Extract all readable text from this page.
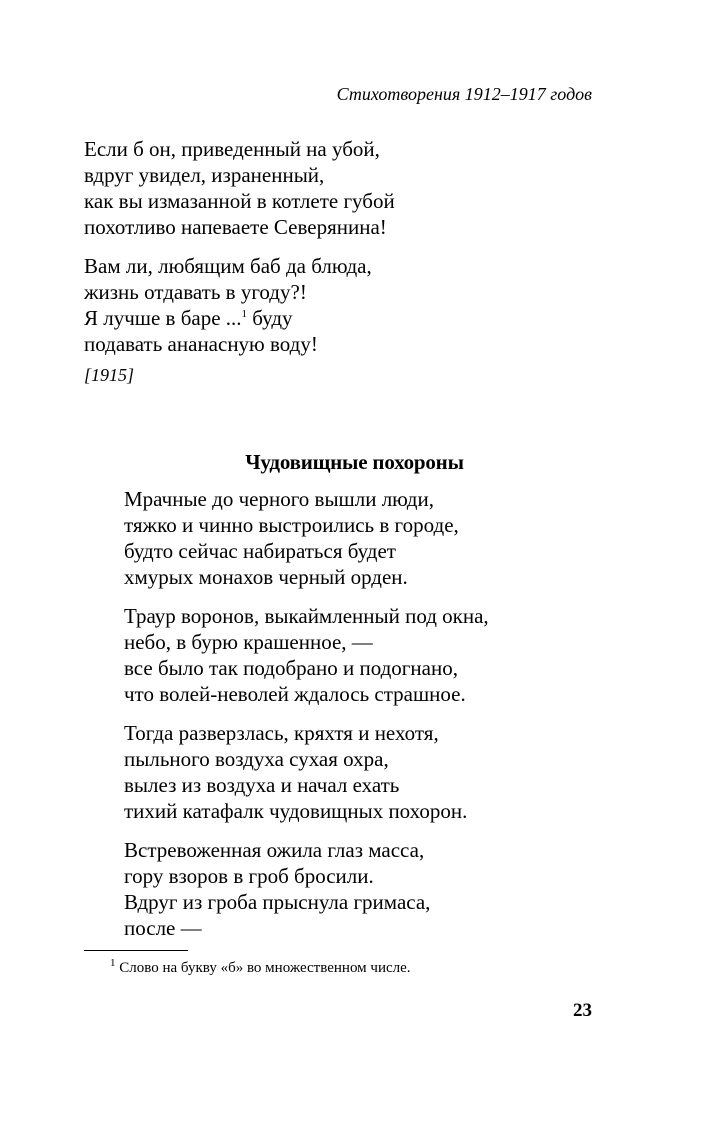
Стихотворения 1912–1917 годов
Если б он, приведенный на убой,
вдруг увидел, израненный,
как вы измазанной в котлете губой
похотливо напеваете Северянина!
Вам ли, любящим баб да блюда,
жизнь отдавать в угоду?!
Я лучше в баре ...$^1$ буду
подавать ананасную воду!
[1915]
Чудовищные похороны
Мрачные до черного вышли люди,
тяжко и чинно выстроились в городе,
будто сейчас набираться будет
хмурых монахов черный орден.
Траур воронов, выкаймленный под окна,
небо, в бурю крашенное, —
все было так подобрано и подогнано,
что волей-неволей ждалось страшное.
Тогда разверзлась, кряхтя и нехотя,
пыльного воздуха сухая охра,
вылез из воздуха и начал ехать
тихий катафалк чудовищных похорон.
Встревоженная ожила глаз масса,
гору взоров в гроб бросили.
Вдруг из гроба прыснула гримаса,
после —
$^1$ Слово на букву «б» во множественном числе.
23
